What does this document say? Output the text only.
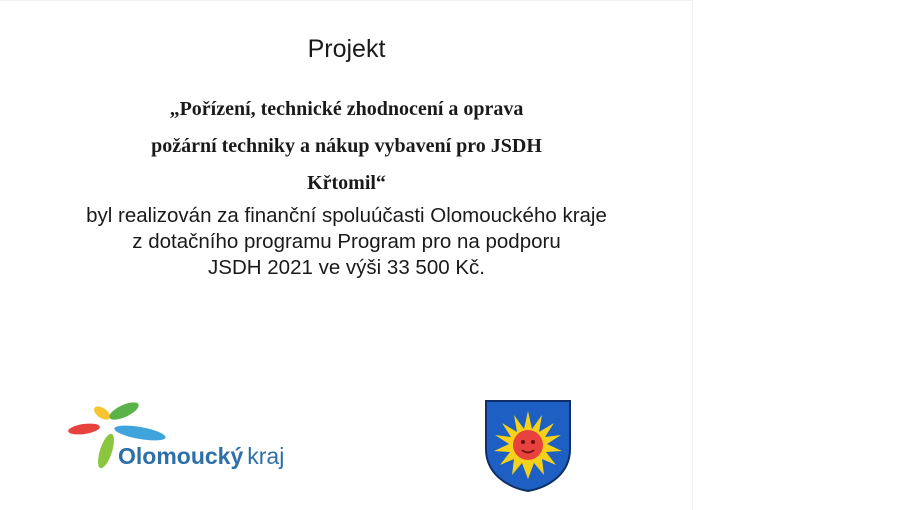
Projekt
„Pořízení, technické zhodnocení a oprava
požární techniky a nákup vybavení pro JSDH
Křtomil“
byl realizován za finanční spoluúčasti Olomouckého kraje
z dotačního programu Program pro na podporu
JSDH 2021 ve výši 33 500 Kč.
Olomoucký kraj
